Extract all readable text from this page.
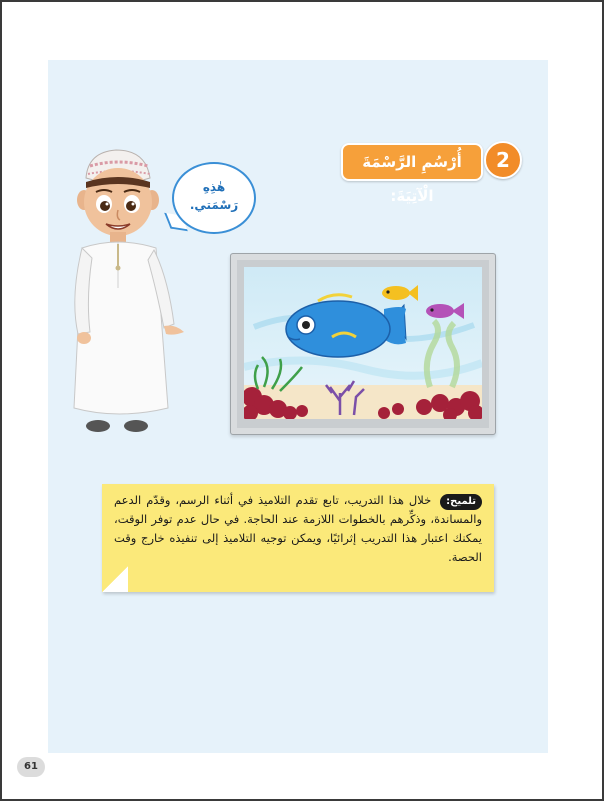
أُرْسُمِ الرَّسْمَةَ الْآتِيَةَ:
2
هٰذِهِ
رَسْمَتي.
تلميح: خلال هذا التدريب، تابع تقدم التلاميذ في أثناء الرسم، وقدّم الدعم والمساندة، وذكِّرهم بالخطوات اللازمة عند الحاجة. في حال عدم توفر الوقت، يمكنك اعتبار هذا التدريب إثرائيًا، ويمكن توجيه التلاميذ إلى تنفيذه خارج وقت الحصة.
61
